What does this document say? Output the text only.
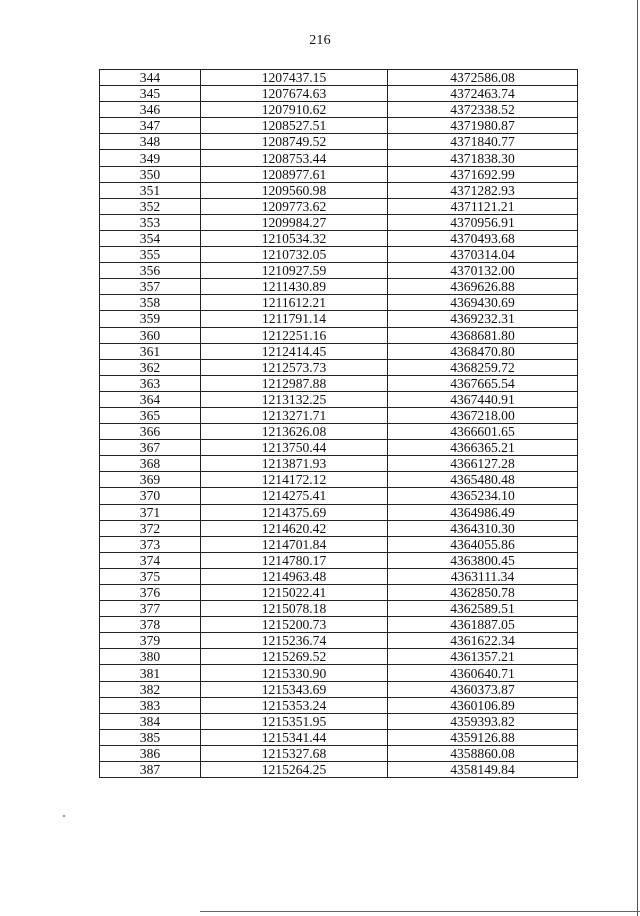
216
344	1207437.15	4372586.08
345	1207674.63	4372463.74
346	1207910.62	4372338.52
347	1208527.51	4371980.87
348	1208749.52	4371840.77
349	1208753.44	4371838.30
350	1208977.61	4371692.99
351	1209560.98	4371282.93
352	1209773.62	4371121.21
353	1209984.27	4370956.91
354	1210534.32	4370493.68
355	1210732.05	4370314.04
356	1210927.59	4370132.00
357	1211430.89	4369626.88
358	1211612.21	4369430.69
359	1211791.14	4369232.31
360	1212251.16	4368681.80
361	1212414.45	4368470.80
362	1212573.73	4368259.72
363	1212987.88	4367665.54
364	1213132.25	4367440.91
365	1213271.71	4367218.00
366	1213626.08	4366601.65
367	1213750.44	4366365.21
368	1213871.93	4366127.28
369	1214172.12	4365480.48
370	1214275.41	4365234.10
371	1214375.69	4364986.49
372	1214620.42	4364310.30
373	1214701.84	4364055.86
374	1214780.17	4363800.45
375	1214963.48	4363111.34
376	1215022.41	4362850.78
377	1215078.18	4362589.51
378	1215200.73	4361887.05
379	1215236.74	4361622.34
380	1215269.52	4361357.21
381	1215330.90	4360640.71
382	1215343.69	4360373.87
383	1215353.24	4360106.89
384	1215351.95	4359393.82
385	1215341.44	4359126.88
386	1215327.68	4358860.08
387	1215264.25	4358149.84
